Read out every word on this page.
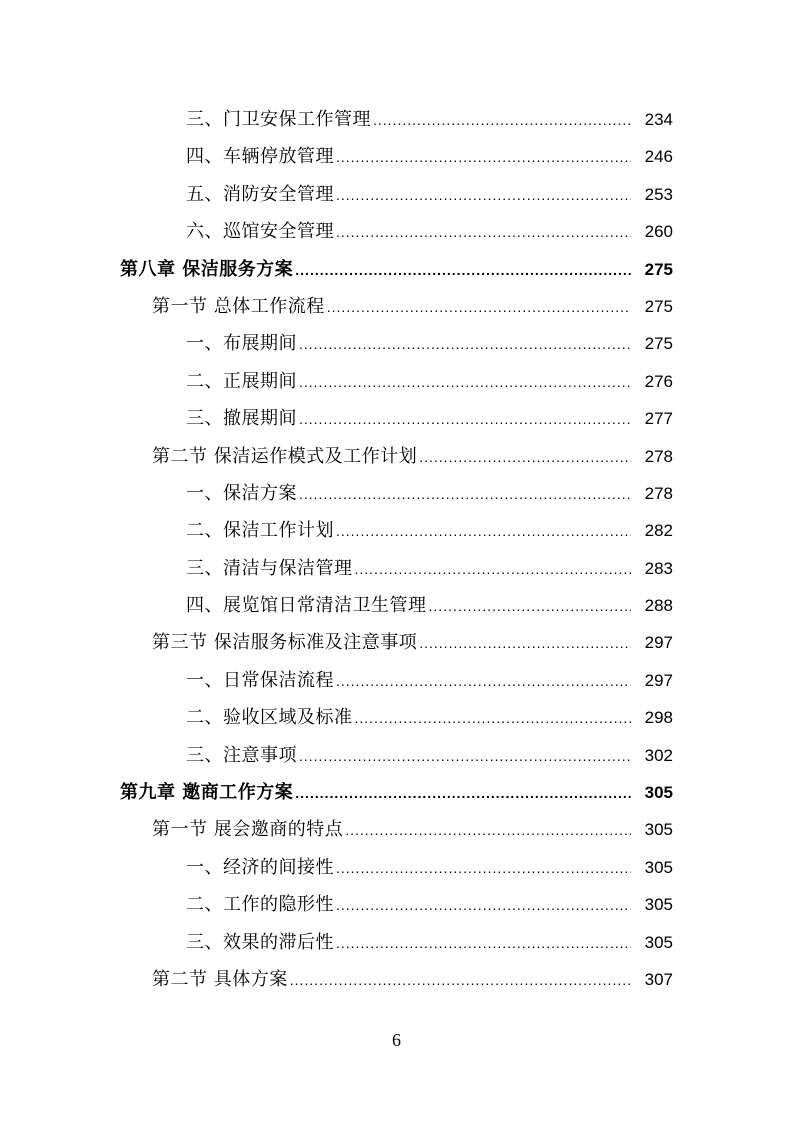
三、门卫安保工作管理 .....	234
四、车辆停放管理 .....	246
五、消防安全管理 .....	253
六、巡馆安全管理 .....	260
第八章 保洁服务方案 .....	275
第一节 总体工作流程 .....	275
一、布展期间 .....	275
二、正展期间 .....	276
三、撤展期间 .....	277
第二节 保洁运作模式及工作计划 .....	278
一、保洁方案 .....	278
二、保洁工作计划 .....	282
三、清洁与保洁管理 .....	283
四、展览馆日常清洁卫生管理 .....	288
第三节 保洁服务标准及注意事项 .....	297
一、日常保洁流程 .....	297
二、验收区域及标准 .....	298
三、注意事项 .....	302
第九章 邀商工作方案 .....	305
第一节 展会邀商的特点 .....	305
一、经济的间接性 .....	305
二、工作的隐形性 .....	305
三、效果的滞后性 .....	305
第二节 具体方案 .....	307
6
